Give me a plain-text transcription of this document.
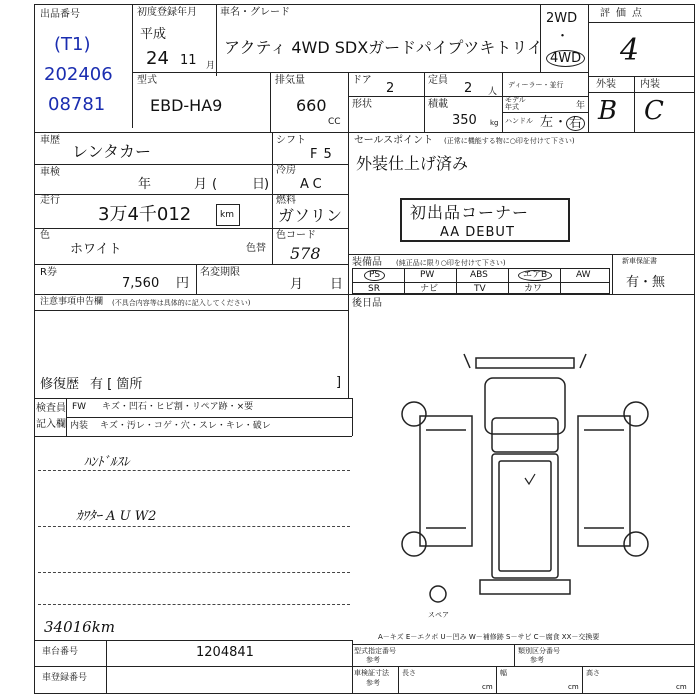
出品番号
(T1)
202406
08781
初度登録年月
平成
24 11 月
車名・グレード
アクティ 4WD SDXガードパイプツキトリイ
2WD
・
4WD
評価点
4
外装 内装
B C
型式
EBD-HA9
排気量
660
CC
ドア
2
定員
2 人
ディーラー・並行
形状	積載
350 kg
モデル
年式	年
ハンドル 左 ・ 右
車歴
レンタカー
シフト
F5
車検
年	月 (	日
)
冷房
AC
走行
3万4千012	km
燃料
ガソリン
色
ホワイト	色替
色コード
578
R券
7,560 円
名変期限
月 日
セールスポイント (正常に機能する物に○印を付けて下さい)
外装仕上げ済み
初出品コーナー
AA DEBUT
装備品 (純正品に限り○印を付けて下さい)	新車保証書
有・無
PS	PW	ABS	エアB	AW
SR	ナビ	TV	カワ
後日品
注意事項申告欄 (不具合内容等は具体的に記入してください)
修復歴 有 [ 箇所	]
検査員
記入欄
FW キズ・凹石・ヒビ割・リペア跡・×要
内装 キズ・汚レ・コゲ・穴・スレ・キレ・破レ
ﾊﾝﾄﾞﾙｽﾚ
ｶﾜﾀｰ A U W2
34016km
スペア
A－キズ E－エクボ U－凹み W－補修跡 S－サビ C－腐食 XX－交換要
車台番号	1204841
車登録番号
型式指定番号
参考
類別区分番号
参考
車検証寸法
参考
長さ
cm
幅
cm
高さ
cm
